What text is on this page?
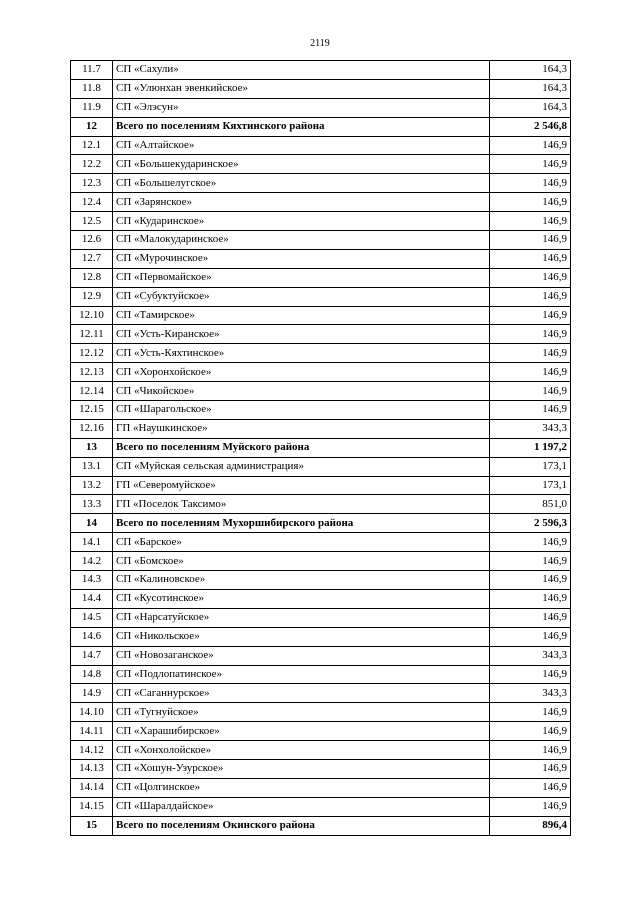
2119
11.7	СП «Сахули»	164,3
11.8	СП «Улюнхан эвенкийское»	164,3
11.9	СП «Элэсун»	164,3
12	Всего по поселениям Кяхтинского района	2 546,8
12.1	СП «Алтайское»	146,9
12.2	СП «Большекударинское»	146,9
12.3	СП «Большелугское»	146,9
12.4	СП «Зарянское»	146,9
12.5	СП «Кударинское»	146,9
12.6	СП «Малокударинское»	146,9
12.7	СП «Мурочинское»	146,9
12.8	СП «Первомайское»	146,9
12.9	СП «Субуктуйское»	146,9
12.10	СП «Тамирское»	146,9
12.11	СП «Усть-Киранское»	146,9
12.12	СП «Усть-Кяхтинское»	146,9
12.13	СП «Хоронхойское»	146,9
12.14	СП «Чикойское»	146,9
12.15	СП «Шарагольское»	146,9
12.16	ГП «Наушкинское»	343,3
13	Всего по поселениям Муйского района	1 197,2
13.1	СП «Муйская сельская администрация»	173,1
13.2	ГП «Северомуйское»	173,1
13.3	ГП «Поселок Таксимо»	851,0
14	Всего по поселениям Мухоршибирского района	2 596,3
14.1	СП «Барское»	146,9
14.2	СП «Бомское»	146,9
14.3	СП «Калиновское»	146,9
14.4	СП «Кусотинское»	146,9
14.5	СП «Нарсатуйское»	146,9
14.6	СП «Никольское»	146,9
14.7	СП «Новозаганское»	343,3
14.8	СП «Подлопатинское»	146,9
14.9	СП «Саганнурское»	343,3
14.10	СП «Тугнуйское»	146,9
14.11	СП «Харашибирское»	146,9
14.12	СП «Хонхолойское»	146,9
14.13	СП «Хошун-Узурское»	146,9
14.14	СП «Цолгинское»	146,9
14.15	СП «Шаралдайское»	146,9
15	Всего по поселениям Окинского района	896,4
